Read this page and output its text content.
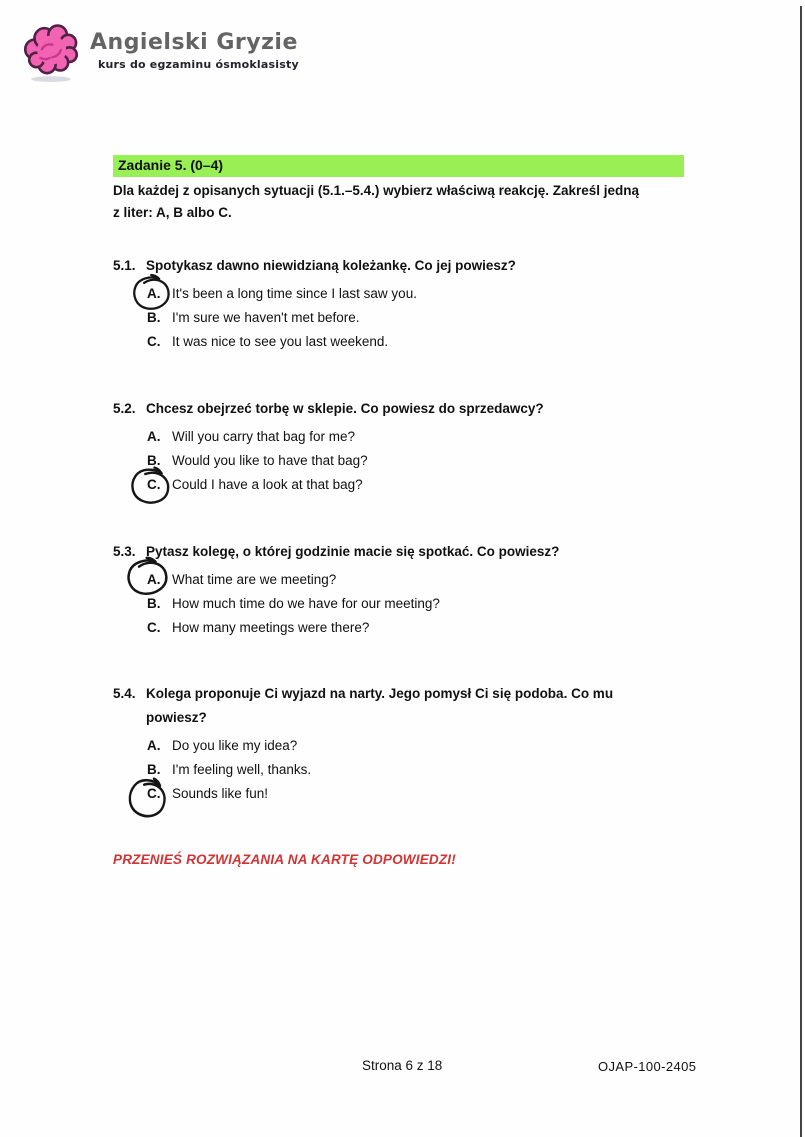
Angielski Gryzie
kurs do egzaminu ósmoklasisty
Zadanie 5. (0–4)
Dla każdej z opisanych sytuacji (5.1.–5.4.) wybierz właściwą reakcję. Zakreśl jedną
z liter: A, B albo C.
5.1. Spotykasz dawno niewidzianą koleżankę. Co jej powiesz?
A. It's been a long time since I last saw you.
B. I'm sure we haven't met before.
C. It was nice to see you last weekend.
5.2. Chcesz obejrzeć torbę w sklepie. Co powiesz do sprzedawcy?
A. Will you carry that bag for me?
B. Would you like to have that bag?
C. Could I have a look at that bag?
5.3. Pytasz kolegę, o której godzinie macie się spotkać. Co powiesz?
A. What time are we meeting?
B. How much time do we have for our meeting?
C. How many meetings were there?
5.4. Kolega proponuje Ci wyjazd na narty. Jego pomysł Ci się podoba. Co mu
powiesz?
A. Do you like my idea?
B. I'm feeling well, thanks.
C. Sounds like fun!
PRZENIEŚ ROZWIĄZANIA NA KARTĘ ODPOWIEDZI!
Strona 6 z 18	OJAP-100-2405
